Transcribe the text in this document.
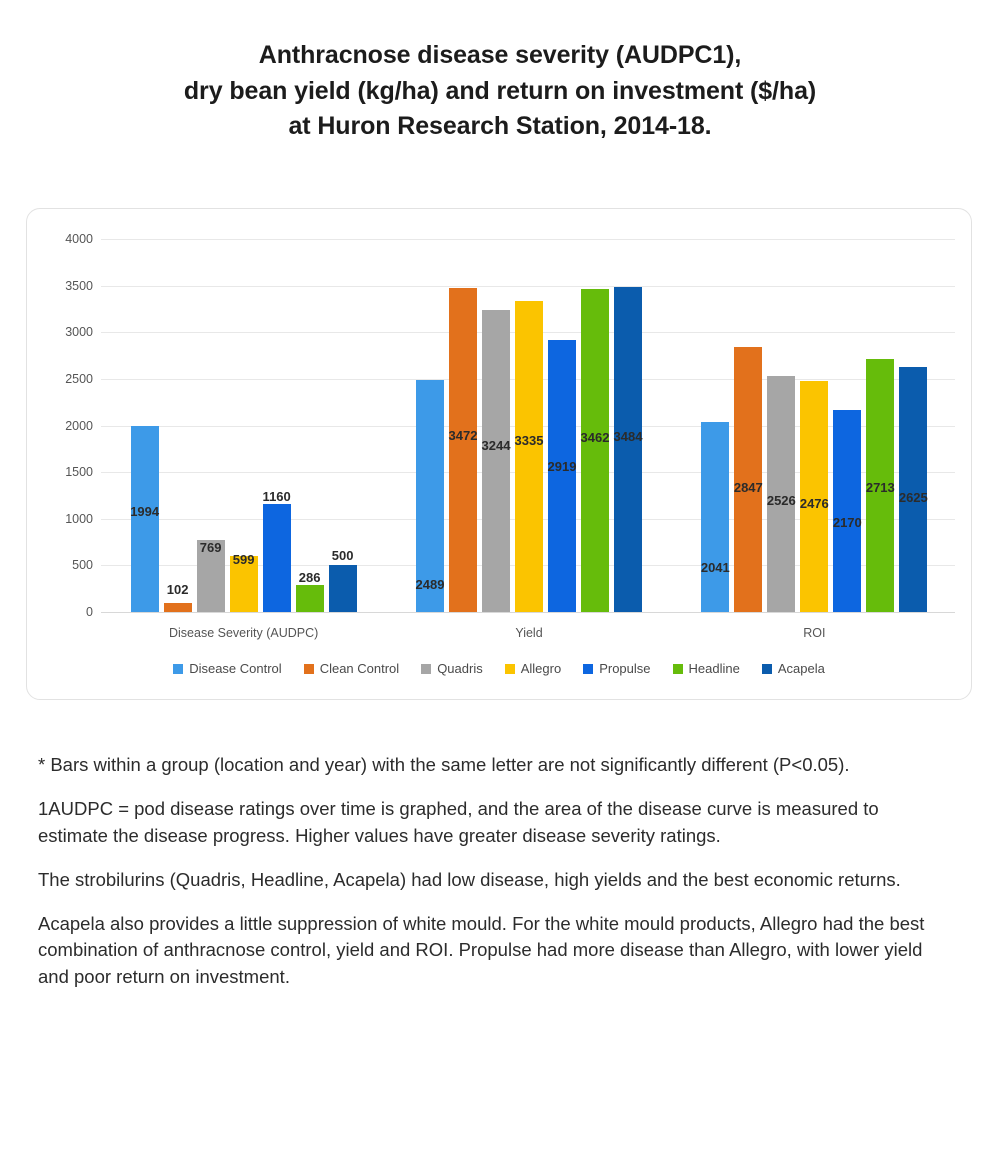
Anthracnose disease severity (AUDPC1),
dry bean yield (kg/ha) and return on investment ($/ha)
at Huron Research Station, 2014-18.
0
500
1000
1500
2000
2500
3000
3500
4000
1994
102
769
599
1160
286
500
2489
3472
3244 3335
2919
3462 3484
2041
2847
2526 2476
2170
2713
2625
Disease Severity (AUDPC)	Yield	ROI
Disease Control	Clean Control	Quadris	Allegro	Propulse	Headline	Acapela

* Bars within a group (location and year) with the same letter are not significantly different (P<0.05).

1AUDPC = pod disease ratings over time is graphed, and the area of the disease curve is measured to estimate the disease progress. Higher values have greater disease severity ratings.

The strobilurins (Quadris, Headline, Acapela) had low disease, high yields and the best economic returns.

Acapela also provides a little suppression of white mould. For the white mould products, Allegro had the best combination of anthracnose control, yield and ROI. Propulse had more disease than Allegro, with lower yield and poor return on investment.
